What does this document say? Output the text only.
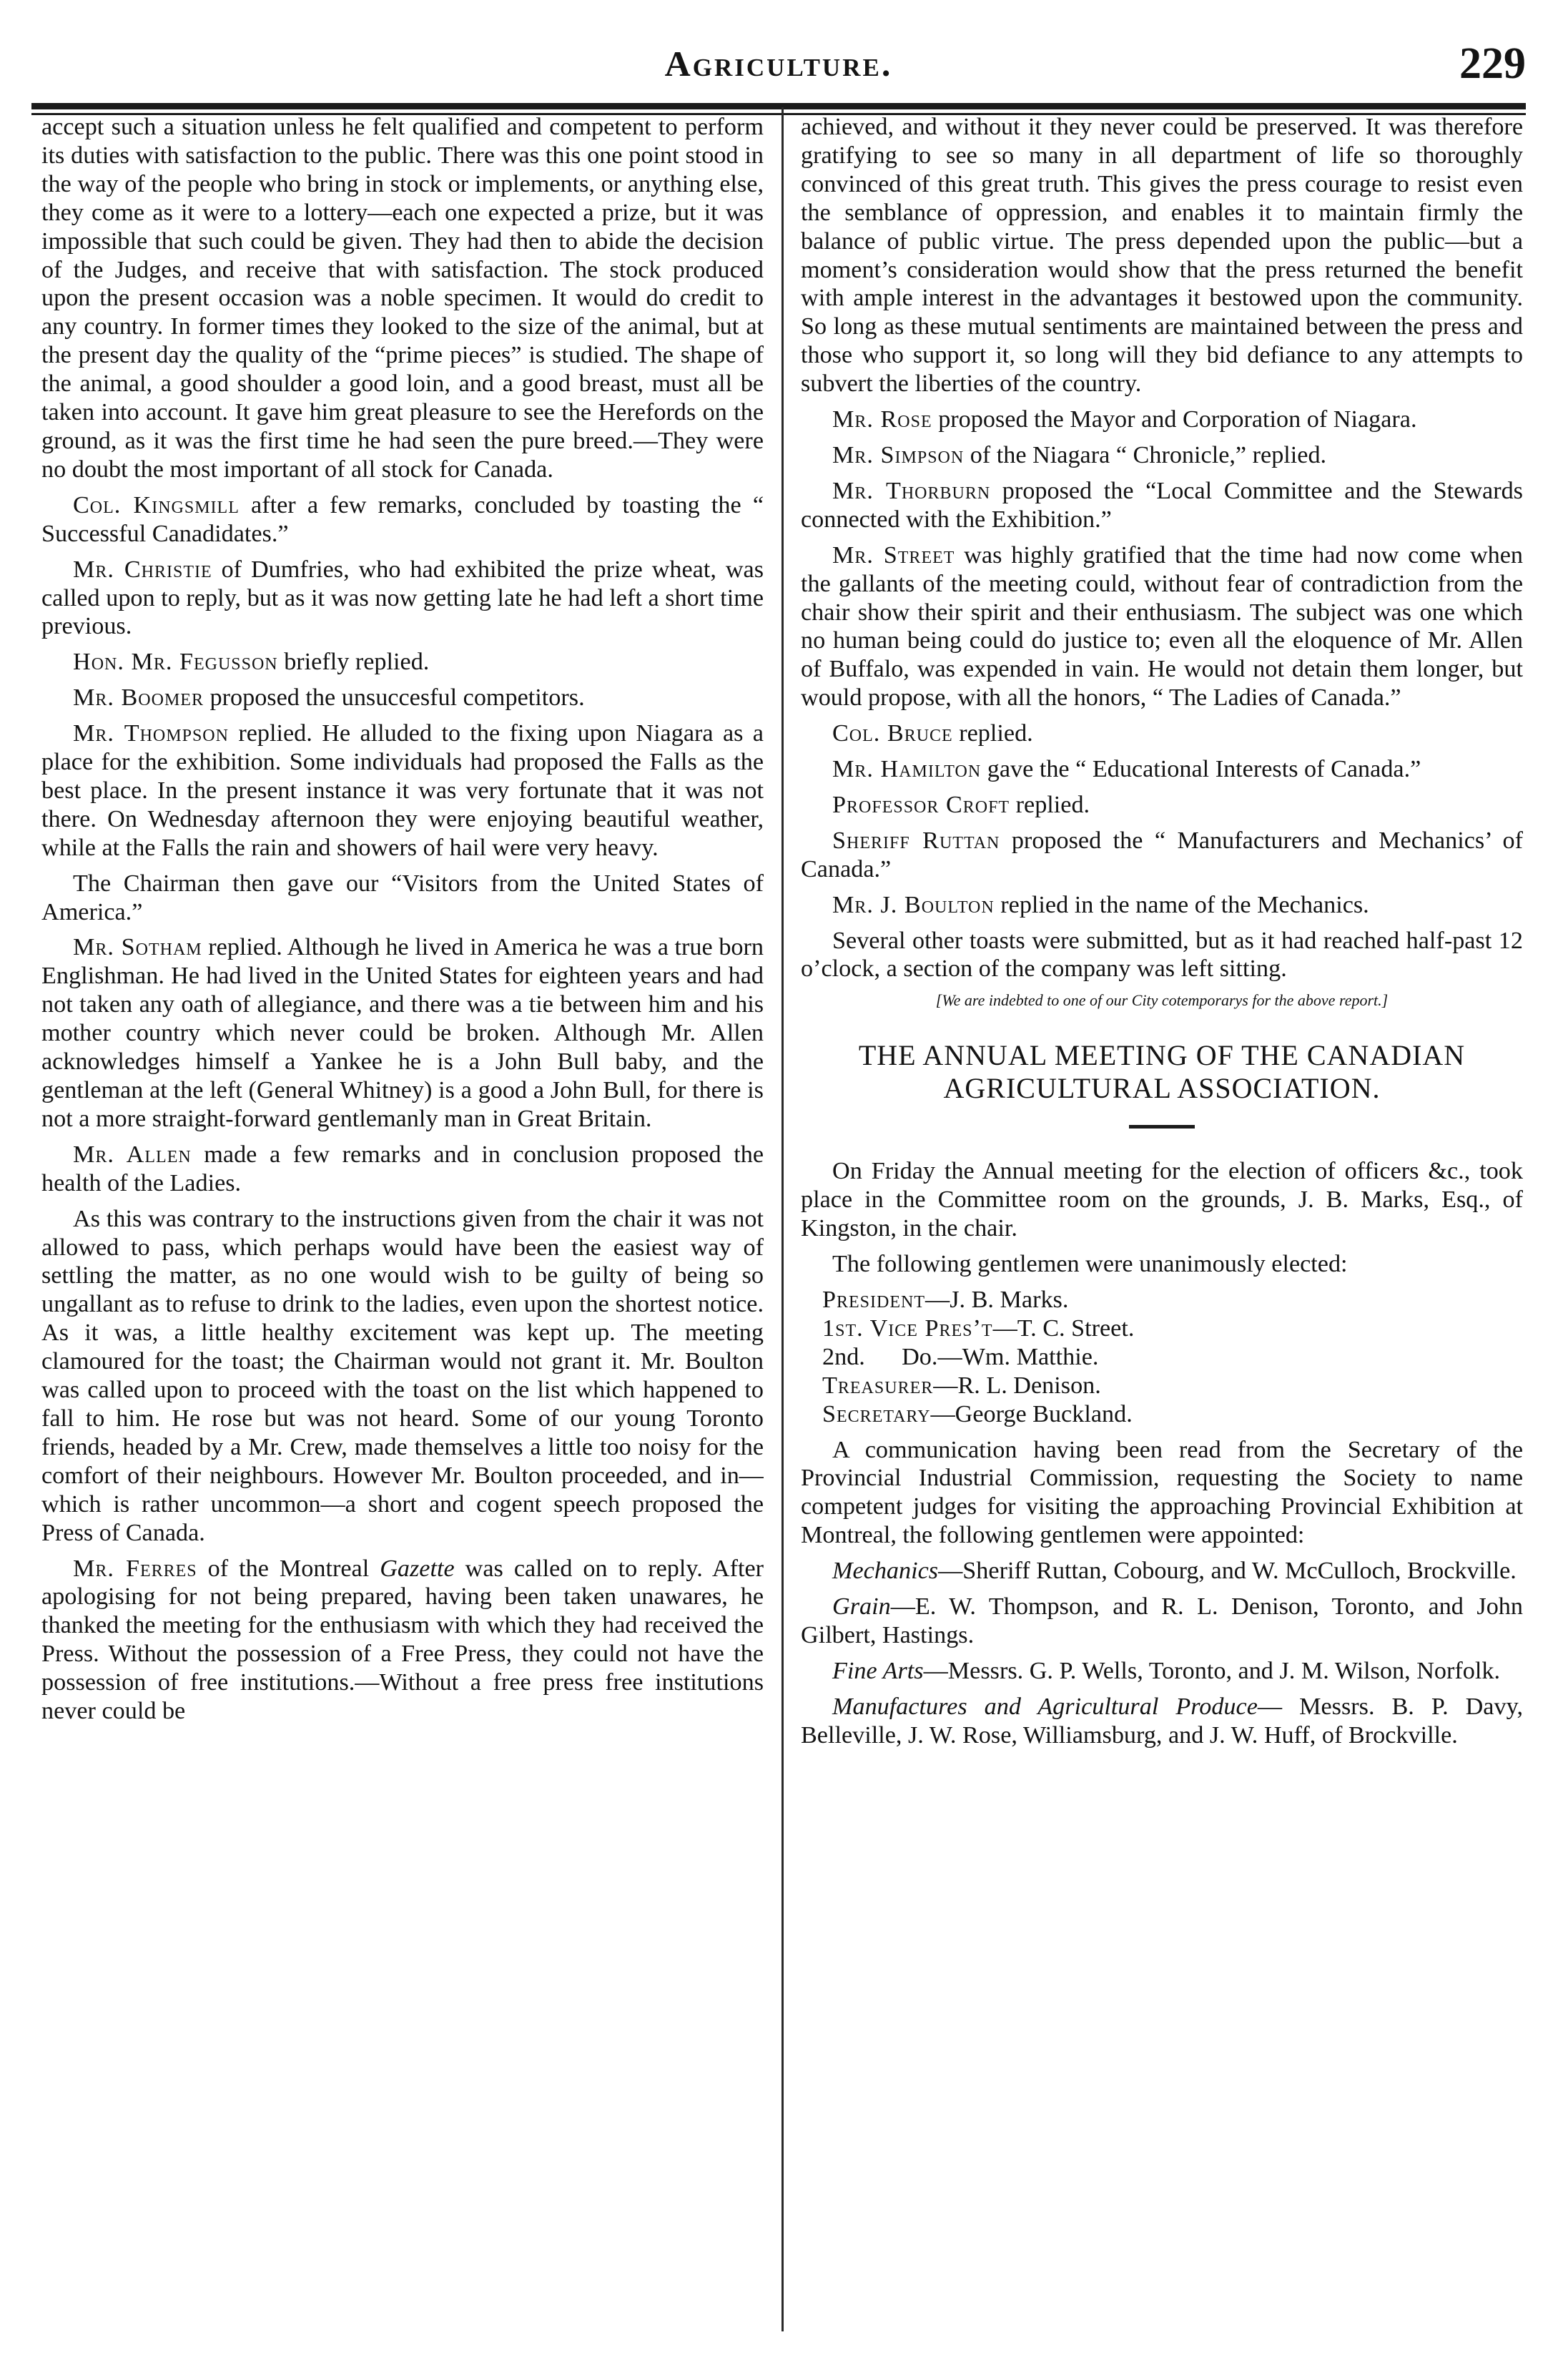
Agriculture.	229

accept such a situation unless he felt qualified and competent to perform its duties with satisfaction to the public. There was this one point stood in the way of the people who bring in stock or implements, or anything else, they come as it were to a lottery—each one expected a prize, but it was impossible that such could be given. They had then to abide the decision of the Judges, and receive that with satisfaction. The stock produced upon the present occasion was a noble specimen. It would do credit to any country. In former times they looked to the size of the animal, but at the present day the quality of the “prime pieces” is studied. The shape of the animal, a good shoulder a good loin, and a good breast, must all be taken into account. It gave him great pleasure to see the Herefords on the ground, as it was the first time he had seen the pure breed.—They were no doubt the most important of all stock for Canada.

Col. Kingsmill after a few remarks, concluded by toasting the “ Successful Canadidates.”

Mr. Christie of Dumfries, who had exhibited the prize wheat, was called upon to reply, but as it was now getting late he had left a short time previous.

Hon. Mr. Fegusson briefly replied.

Mr. Boomer proposed the unsuccesful competitors.

Mr. Thompson replied. He alluded to the fixing upon Niagara as a place for the exhibition. Some individuals had proposed the Falls as the best place. In the present instance it was very fortunate that it was not there. On Wednesday afternoon they were enjoying beautiful weather, while at the Falls the rain and showers of hail were very heavy.

The Chairman then gave our “Visitors from the United States of America.”

Mr. Sotham replied. Although he lived in America he was a true born Englishman. He had lived in the United States for eighteen years and had not taken any oath of allegiance, and there was a tie between him and his mother country which never could be broken. Although Mr. Allen acknowledges himself a Yankee he is a John Bull baby, and the gentleman at the left (General Whitney) is a good a John Bull, for there is not a more straight-forward gentlemanly man in Great Britain.

Mr. Allen made a few remarks and in conclusion proposed the health of the Ladies.

As this was contrary to the instructions given from the chair it was not allowed to pass, which perhaps would have been the easiest way of settling the matter, as no one would wish to be guilty of being so ungallant as to refuse to drink to the ladies, even upon the shortest notice. As it was, a little healthy excitement was kept up. The meeting clamoured for the toast; the Chairman would not grant it. Mr. Boulton was called upon to proceed with the toast on the list which happened to fall to him. He rose but was not heard. Some of our young Toronto friends, headed by a Mr. Crew, made themselves a little too noisy for the comfort of their neighbours. However Mr. Boulton proceeded, and in—which is rather uncommon—a short and cogent speech proposed the Press of Canada.

Mr. Ferres of the Montreal Gazette was called on to reply. After apologising for not being prepared, having been taken unawares, he thanked the meeting for the enthusiasm with which they had received the Press. Without the possession of a Free Press, they could not have the possession of free institutions.—Without a free press free institutions never could be

achieved, and without it they never could be preserved. It was therefore gratifying to see so many in all department of life so thoroughly convinced of this great truth. This gives the press courage to resist even the semblance of oppression, and enables it to maintain firmly the balance of public virtue. The press depended upon the public—but a moment’s consideration would show that the press returned the benefit with ample interest in the advantages it bestowed upon the community. So long as these mutual sentiments are maintained between the press and those who support it, so long will they bid defiance to any attempts to subvert the liberties of the country.

Mr. Rose proposed the Mayor and Corporation of Niagara.

Mr. Simpson of the Niagara “ Chronicle,” replied.

Mr. Thorburn proposed the “Local Committee and the Stewards connected with the Exhibition.”

Mr. Street was highly gratified that the time had now come when the gallants of the meeting could, without fear of contradiction from the chair show their spirit and their enthusiasm. The subject was one which no human being could do justice to; even all the eloquence of Mr. Allen of Buffalo, was expended in vain. He would not detain them longer, but would propose, with all the honors, “ The Ladies of Canada.”

Col. Bruce replied.

Mr. Hamilton gave the “ Educational Interests of Canada.”

Professor Croft replied.

Sheriff Ruttan proposed the “ Manufacturers and Mechanics’ of Canada.”

Mr. J. Boulton replied in the name of the Mechanics.

Several other toasts were submitted, but as it had reached half-past 12 o’clock, a section of the company was left sitting.

[We are indebted to one of our City cotemporarys for the above report.]

THE ANNUAL MEETING OF THE CANADIAN AGRICULTURAL ASSOCIATION.

On Friday the Annual meeting for the election of officers &c., took place in the Committee room on the grounds, J. B. Marks, Esq., of Kingston, in the chair.

The following gentlemen were unanimously elected:

President—J. B. Marks.

1st. Vice Pres’t—T. C. Street.

2nd.      Do.—Wm. Matthie.

Treasurer—R. L. Denison.

Secretary—George Buckland.

A communication having been read from the Secretary of the Provincial Industrial Commission, requesting the Society to name competent judges for visiting the approaching Provincial Exhibition at Montreal, the following gentlemen were appointed:

Mechanics—Sheriff Ruttan, Cobourg, and W. McCulloch, Brockville.

Grain—E. W. Thompson, and R. L. Denison, Toronto, and John Gilbert, Hastings.

Fine Arts—Messrs. G. P. Wells, Toronto, and J. M. Wilson, Norfolk.

Manufactures and Agricultural Produce— Messrs. B. P. Davy, Belleville, J. W. Rose, Williamsburg, and J. W. Huff, of Brockville.
